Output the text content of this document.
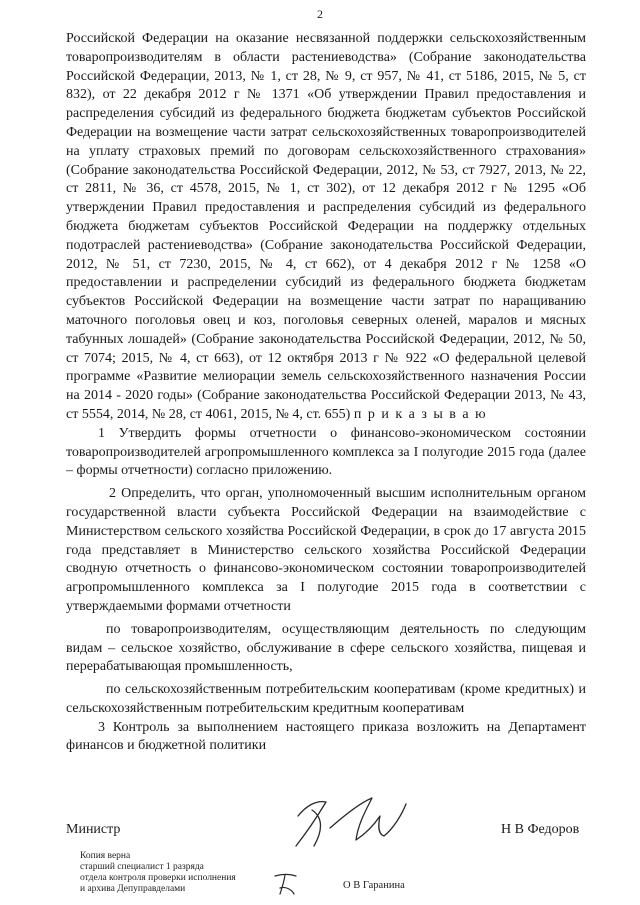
2

Российской Федерации на оказание несвязанной поддержки сельскохозяйственным товаропроизводителям в области растениеводства» (Собрание законодательства Российской Федерации, 2013, № 1, ст 28, № 9, ст 957, № 41, ст 5186, 2015, № 5, ст 832), от 22 декабря 2012 г № 1371 «Об утверждении Правил предоставления и распределения субсидий из федерального бюджета бюджетам субъектов Российской Федерации на возмещение части затрат сельскохозяйственных товаропроизводителей на уплату страховых премий по договорам сельскохозяйственного страхования» (Собрание законодательства Российской Федерации, 2012, № 53, ст 7927, 2013, № 22, ст 2811, № 36, ст 4578, 2015, № 1, ст 302), от 12 декабря 2012 г № 1295 «Об утверждении Правил предоставления и распределения субсидий из федерального бюджета бюджетам субъектов Российской Федерации на поддержку отдельных подотраслей растениеводства» (Собрание законодательства Российской Федерации, 2012, № 51, ст 7230, 2015, № 4, ст 662), от 4 декабря 2012 г № 1258 «О предоставлении и распределении субсидий из федерального бюджета бюджетам субъектов Российской Федерации на возмещение части затрат по наращиванию маточного поголовья овец и коз, поголовья северных оленей, маралов и мясных табунных лошадей» (Собрание законодательства Российской Федерации, 2012, № 50, ст 7074; 2015, № 4, ст 663), от 12 октября 2013 г № 922 «О федеральной целевой программе «Развитие мелиорации земель сельскохозяйственного назначения России на 2014 - 2020 годы» (Собрание законодательства Российской Федерации 2013, № 43, ст 5554, 2014, № 28, ст 4061, 2015, № 4, ст. 655) п р и к а з ы в а ю

1 Утвердить формы отчетности о финансово-экономическом состоянии товаропроизводителей агропромышленного комплекса за I полугодие 2015 года (далее – формы отчетности) согласно приложению.

2 Определить, что орган, уполномоченный высшим исполнительным органом государственной власти субъекта Российской Федерации на взаимодействие с Министерством сельского хозяйства Российской Федерации, в срок до 17 августа 2015 года представляет в Министерство сельского хозяйства Российской Федерации сводную отчетность о финансово-экономическом состоянии товаропроизводителей агропромышленного комплекса за I полугодие 2015 года в соответствии с утверждаемыми формами отчетности

по товаропроизводителям, осуществляющим деятельность по следующим видам – сельское хозяйство, обслуживание в сфере сельского хозяйства, пищевая и перерабатывающая промышленность,

по сельскохозяйственным потребительским кооперативам (кроме кредитных) и сельскохозяйственным потребительским кредитным кооперативам

3 Контроль за выполнением настоящего приказа возложить на Департамент финансов и бюджетной политики

Министр	Н В Федоров
Копия верна
старший специалист 1 разряда
отдела контроля проверки исполнения
и архива Депуправделами	О В Гаранина
